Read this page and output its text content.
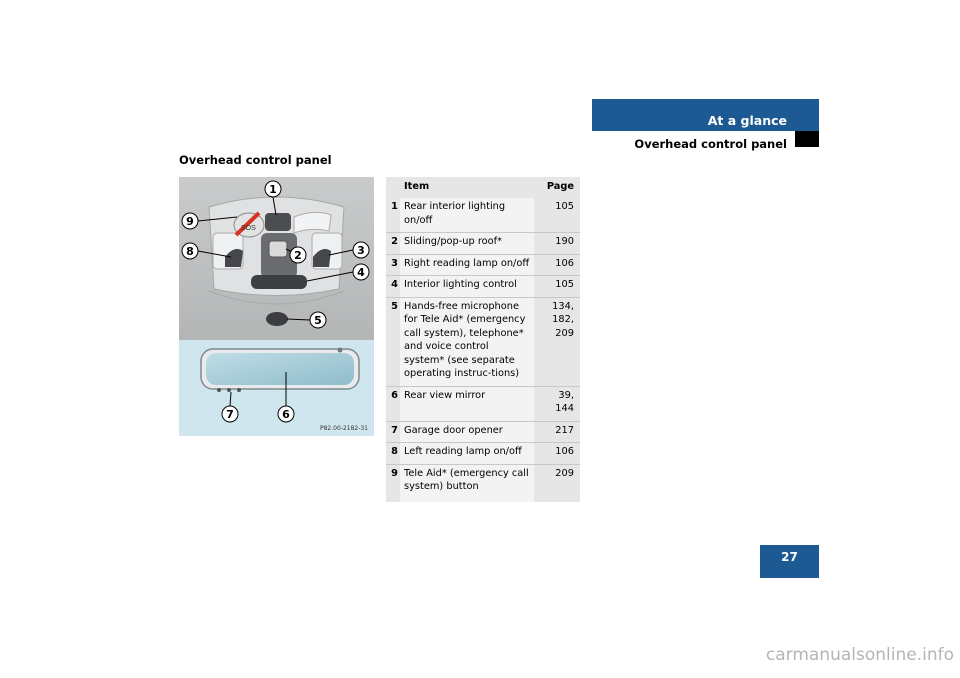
At a glance
Overhead control panel
Overhead control panel
SOS
1
2	3
4
5
6
7
8
9
P82.00-2182-31
	Item	Page
1	Rear interior lighting on/off	105
2	Sliding/pop-up roof*	190
3	Right reading lamp on/off	106
4	Interior lighting control	105
5	Hands-free microphone for Tele Aid* (emergency call system), telephone* and voice control system* (see separate operating instruc-tions)	134,
182,
209
6	Rear view mirror	39,
144
7	Garage door opener	217
8	Left reading lamp on/off	106
9	Tele Aid* (emergency call system) button	209
27
carmanualsonline.info
